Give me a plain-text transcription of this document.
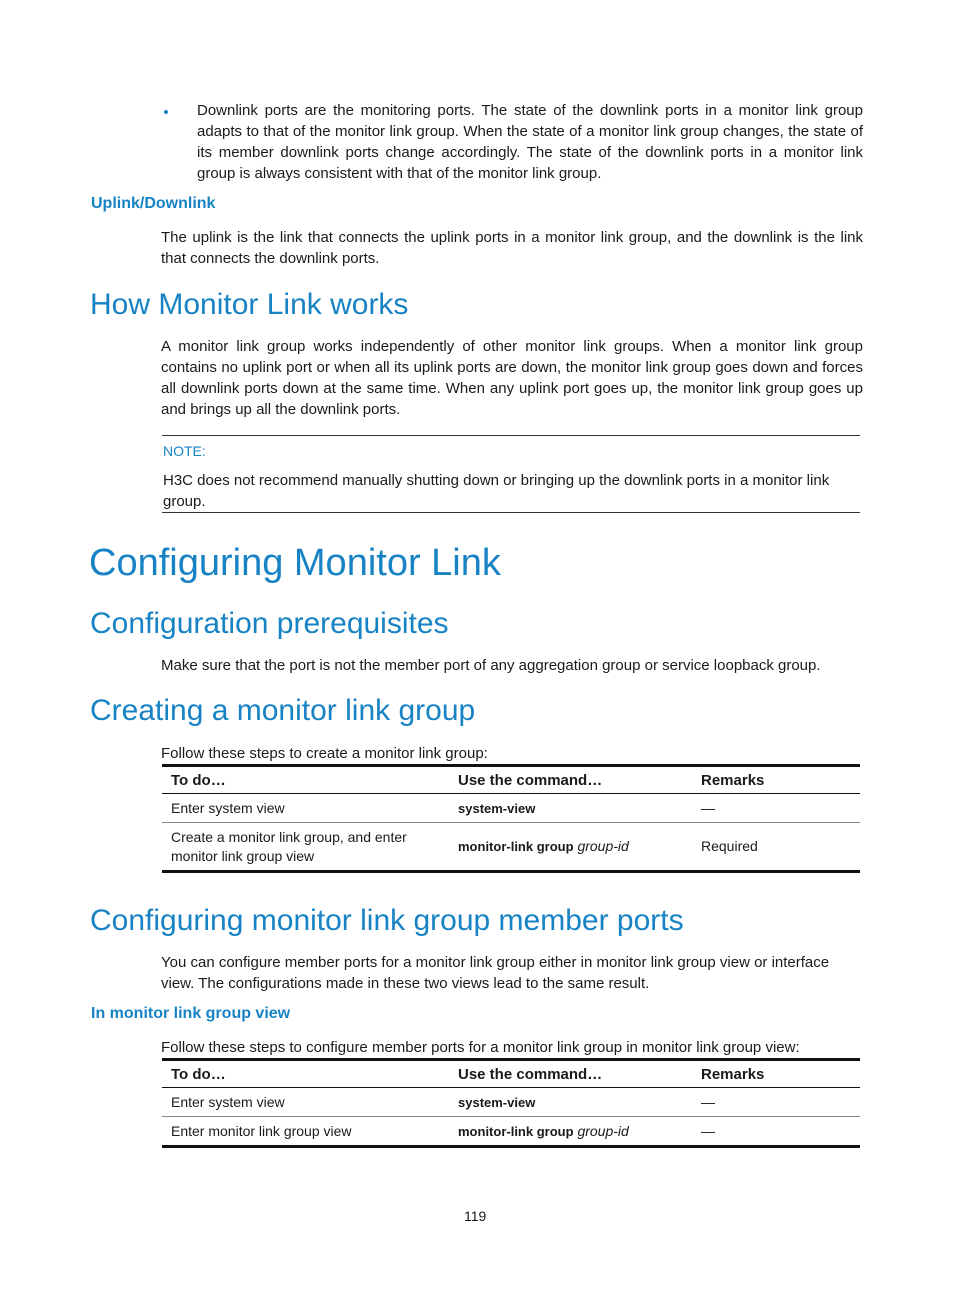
Downlink ports are the monitoring ports. The state of the downlink ports in a monitor link group adapts to that of the monitor link group. When the state of a monitor link group changes, the state of its member downlink ports change accordingly. The state of the downlink ports in a monitor link group is always consistent with that of the monitor link group.
Uplink/Downlink
The uplink is the link that connects the uplink ports in a monitor link group, and the downlink is the link that connects the downlink ports.
How Monitor Link works
A monitor link group works independently of other monitor link groups. When a monitor link group contains no uplink port or when all its uplink ports are down, the monitor link group goes down and forces all downlink ports down at the same time. When any uplink port goes up, the monitor link group goes up and brings up all the downlink ports.
NOTE:
H3C does not recommend manually shutting down or bringing up the downlink ports in a monitor link group.
Configuring Monitor Link
Configuration prerequisites
Make sure that the port is not the member port of any aggregation group or service loopback group.
Creating a monitor link group
Follow these steps to create a monitor link group:
To do…	Use the command…	Remarks
Enter system view	system-view	—
Create a monitor link group, and enter monitor link group view	monitor-link group group-id	Required
Configuring monitor link group member ports
You can configure member ports for a monitor link group either in monitor link group view or interface view. The configurations made in these two views lead to the same result.
In monitor link group view
Follow these steps to configure member ports for a monitor link group in monitor link group view:
To do…	Use the command…	Remarks
Enter system view	system-view	—
Enter monitor link group view	monitor-link group group-id	—
119
